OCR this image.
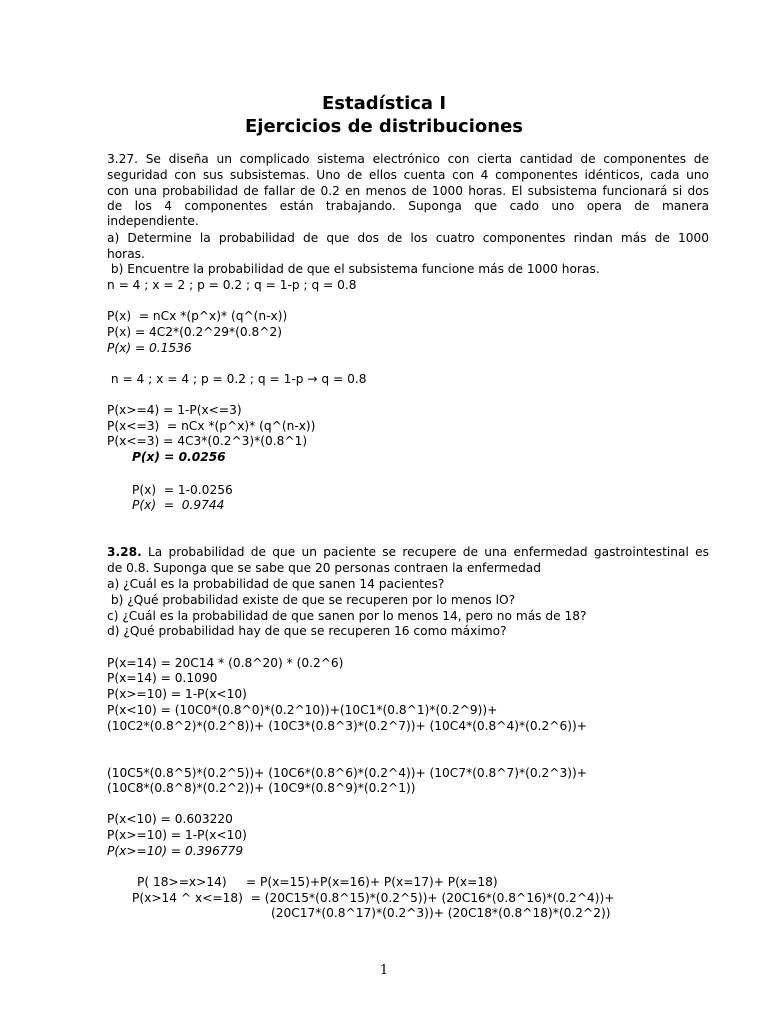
Estadística I
Ejercicios de distribuciones
3.27. Se diseña un complicado sistema electrónico con cierta cantidad de componentes de
seguridad con sus subsistemas. Uno de ellos cuenta con 4 componentes idénticos, cada uno
con una probabilidad de fallar de 0.2 en menos de 1000 horas. El subsistema funcionará si dos
de los 4 componentes están trabajando. Suponga que cado uno opera de manera
independiente.
a) Determine la probabilidad de que dos de los cuatro componentes rindan más de 1000
horas.
b) Encuentre la probabilidad de que el subsistema funcione más de 1000 horas.
n = 4 ; x = 2 ; p = 0.2 ; q = 1-p ; q = 0.8
P(x)  = nCx *(p^x)* (q^(n-x))
P(x) = 4C2*(0.2^29*(0.8^2)
P(x) = 0.1536
n = 4 ; x = 4 ; p = 0.2 ; q = 1-p → q = 0.8
P(x>=4) = 1-P(x<=3)
P(x<=3)  = nCx *(p^x)* (q^(n-x))
P(x<=3) = 4C3*(0.2^3)*(0.8^1)
P(x) = 0.0256
P(x)  = 1-0.0256
P(x)  =  0.9744
3.28. La probabilidad de que un paciente se recupere de una enfermedad gastrointestinal es
de 0.8. Suponga que se sabe que 20 personas contraen la enfermedad
a) ¿Cuál es la probabilidad de que sanen 14 pacientes?
b) ¿Qué probabilidad existe de que se recuperen por lo menos lO?
c) ¿Cuál es la probabilidad de que sanen por lo menos 14, pero no más de 18?
d) ¿Qué probabilidad hay de que se recuperen 16 como máximo?
P(x=14) = 20C14 * (0.8^20) * (0.2^6)
P(x=14) = 0.1090
P(x>=10) = 1-P(x<10)
P(x<10) = (10C0*(0.8^0)*(0.2^10))+(10C1*(0.8^1)*(0.2^9))+
(10C2*(0.8^2)*(0.2^8))+ (10C3*(0.8^3)*(0.2^7))+ (10C4*(0.8^4)*(0.2^6))+
(10C5*(0.8^5)*(0.2^5))+ (10C6*(0.8^6)*(0.2^4))+ (10C7*(0.8^7)*(0.2^3))+
(10C8*(0.8^8)*(0.2^2))+ (10C9*(0.8^9)*(0.2^1))
P(x<10) = 0.603220
P(x>=10) = 1-P(x<10)
P(x>=10) = 0.396779
P( 18>=x>14)     = P(x=15)+P(x=16)+ P(x=17)+ P(x=18)
P(x>14 ^ x<=18)  = (20C15*(0.8^15)*(0.2^5))+ (20C16*(0.8^16)*(0.2^4))+
(20C17*(0.8^17)*(0.2^3))+ (20C18*(0.8^18)*(0.2^2))
1
